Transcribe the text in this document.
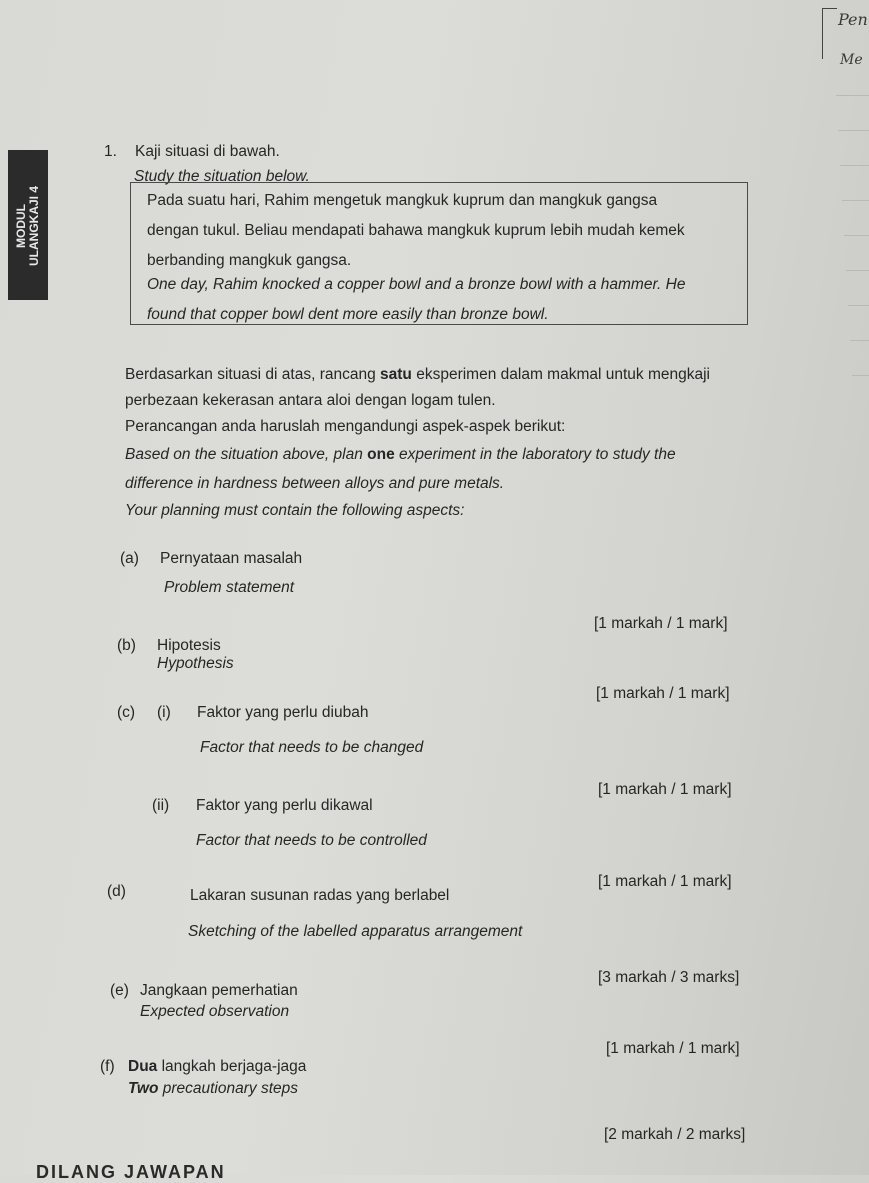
Pen
Me
MODUL ULANGKAJI 4
1. Kaji situasi di bawah.
Study the situation below.
Pada suatu hari, Rahim mengetuk mangkuk kuprum dan mangkuk gangsa
dengan tukul. Beliau mendapati bahawa mangkuk kuprum lebih mudah kemek
berbanding mangkuk gangsa.
One day, Rahim knocked a copper bowl and a bronze bowl with a hammer. He
found that copper bowl dent more easily than bronze bowl.
Berdasarkan situasi di atas, rancang satu eksperimen dalam makmal untuk mengkaji
perbezaan kekerasan antara aloi dengan logam tulen.
Perancangan anda haruslah mengandungi aspek-aspek berikut:
Based on the situation above, plan one experiment in the laboratory to study the
difference in hardness between alloys and pure metals.
Your planning must contain the following aspects:
(a) Pernyataan masalah
Problem statement
[1 markah / 1 mark]
(b) Hipotesis
Hypothesis
[1 markah / 1 mark]
(c) (i) Faktor yang perlu diubah
Factor that needs to be changed
[1 markah / 1 mark]
(ii) Faktor yang perlu dikawal
Factor that needs to be controlled
[1 markah / 1 mark]
(d)	Lakaran susunan radas yang berlabel
Sketching of the labelled apparatus arrangement
[3 markah / 3 marks]
(e) Jangkaan pemerhatian
Expected observation
[1 markah / 1 mark]
(f) Dua langkah berjaga-jaga
Two precautionary steps
[2 markah / 2 marks]
DILANG JAWAPAN
